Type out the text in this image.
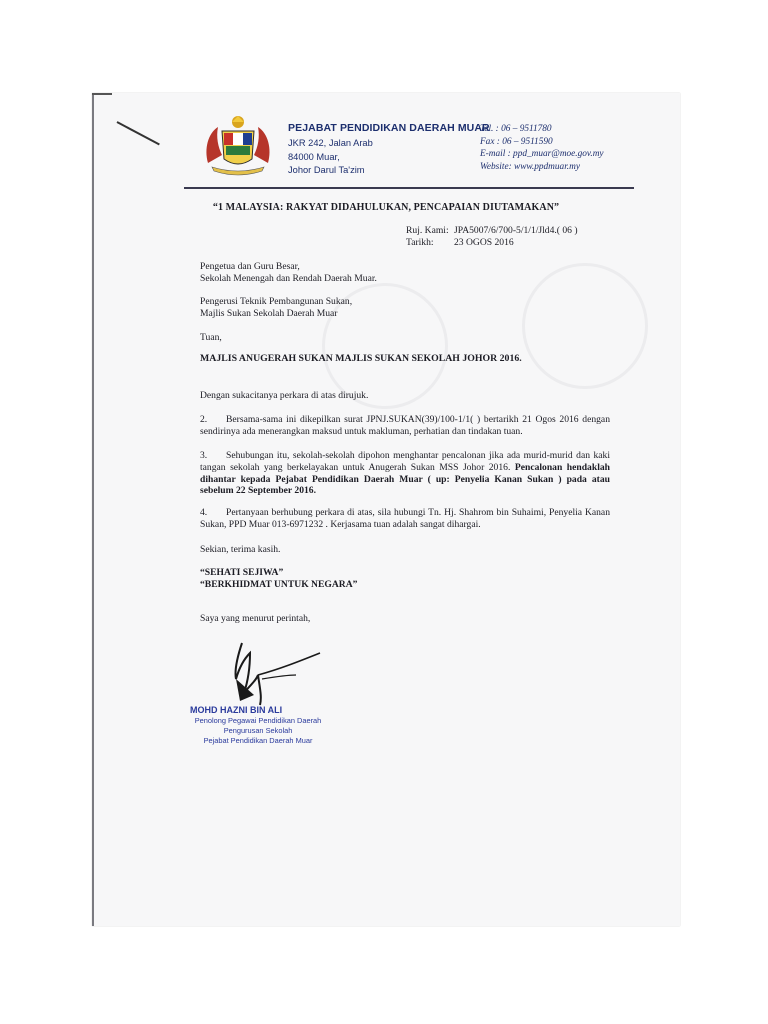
PEJABAT PENDIDIKAN DAERAH MUAR
JKR 242, Jalan Arab
84000 Muar,
Johor Darul Ta'zim
Tel. : 06 – 9511780
Fax : 06 – 9511590
E-mail : ppd_muar@moe.gov.my
Website: www.ppdmuar.my
“1 MALAYSIA: RAKYAT DIDAHULUKAN, PENCAPAIAN DIUTAMAKAN”
Ruj. Kami: JPA5007/6/700-5/1/1/Jld4.( 06 )
Tarikh: 23 OGOS 2016
Pengetua dan Guru Besar,
Sekolah Menengah dan Rendah Daerah Muar.
Pengerusi Teknik Pembangunan Sukan,
Majlis Sukan Sekolah Daerah Muar
Tuan,
MAJLIS ANUGERAH SUKAN MAJLIS SUKAN SEKOLAH JOHOR 2016.
Dengan sukacitanya perkara di atas dirujuk.
2. Bersama-sama ini dikepilkan surat JPNJ.SUKAN(39)/100-1/1( ) bertarikh 21 Ogos 2016 dengan sendirinya ada menerangkan maksud untuk makluman, perhatian dan tindakan tuan.
3. Sehubungan itu, sekolah-sekolah dipohon menghantar pencalonan jika ada murid-murid dan kaki tangan sekolah yang berkelayakan untuk Anugerah Sukan MSS Johor 2016. Pencalonan hendaklah dihantar kepada Pejabat Pendidikan Daerah Muar ( up: Penyelia Kanan Sukan ) pada atau sebelum 22 September 2016.
4. Pertanyaan berhubung perkara di atas, sila hubungi Tn. Hj. Shahrom bin Suhaimi, Penyelia Kanan Sukan, PPD Muar 013-6971232 . Kerjasama tuan adalah sangat dihargai.
Sekian, terima kasih.
“SEHATI SEJIWA”
“BERKHIDMAT UNTUK NEGARA”
Saya yang menurut perintah,
MOHD HAZNI BIN ALI
Penolong Pegawai Pendidikan Daerah
Pengurusan Sekolah
Pejabat Pendidikan Daerah Muar
